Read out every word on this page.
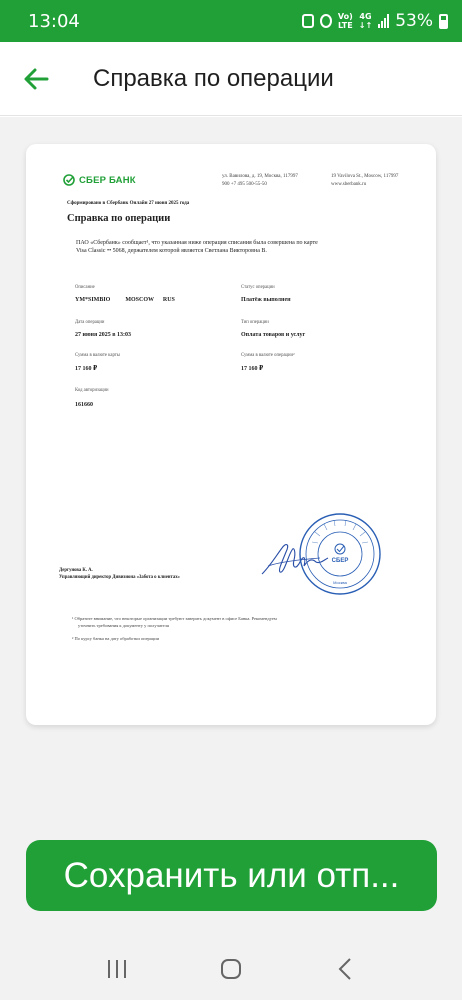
13:04	Vo)
LTE
4G
↓↑ 53%
Справка по операции
СБЕР БАНК	ул. Вавилова, д. 19, Москва, 117997
900 +7 495 500-55-50
19 Vavilova St., Moscow, 117997
www.sberbank.ru
Сформировано в Сбербанк Онлайн 27 июня 2025 года
Справка по операции
ПАО «Сбербанк» сообщает¹, что указанная ниже операция списания была совершена по карте Visa Classic •• 5068, держателем которой является Светлана Викторовна В.
Описание
YM*SIMBIO          MOSCOW      RUS
Статус операции
Платёж выполнен
Дата операции
27 июня 2025 в 13:03
Тип операции
Оплата товаров и услуг
Сумма в валюте карты
17 160 ₽
Сумма в валюте операции²
17 160 ₽
Код авторизации
161660
СБЕР
Москва
Дергунова К. А.
Управляющий директор Дивизиона «Забота о клиентах»
¹ Обратите внимание, что некоторые организации требуют заверить документ в офисе Банка. Рекомендуем
уточнить требования к документу у получателя
² По курсу банка на дату обработки операции
Сохранить или отп...
